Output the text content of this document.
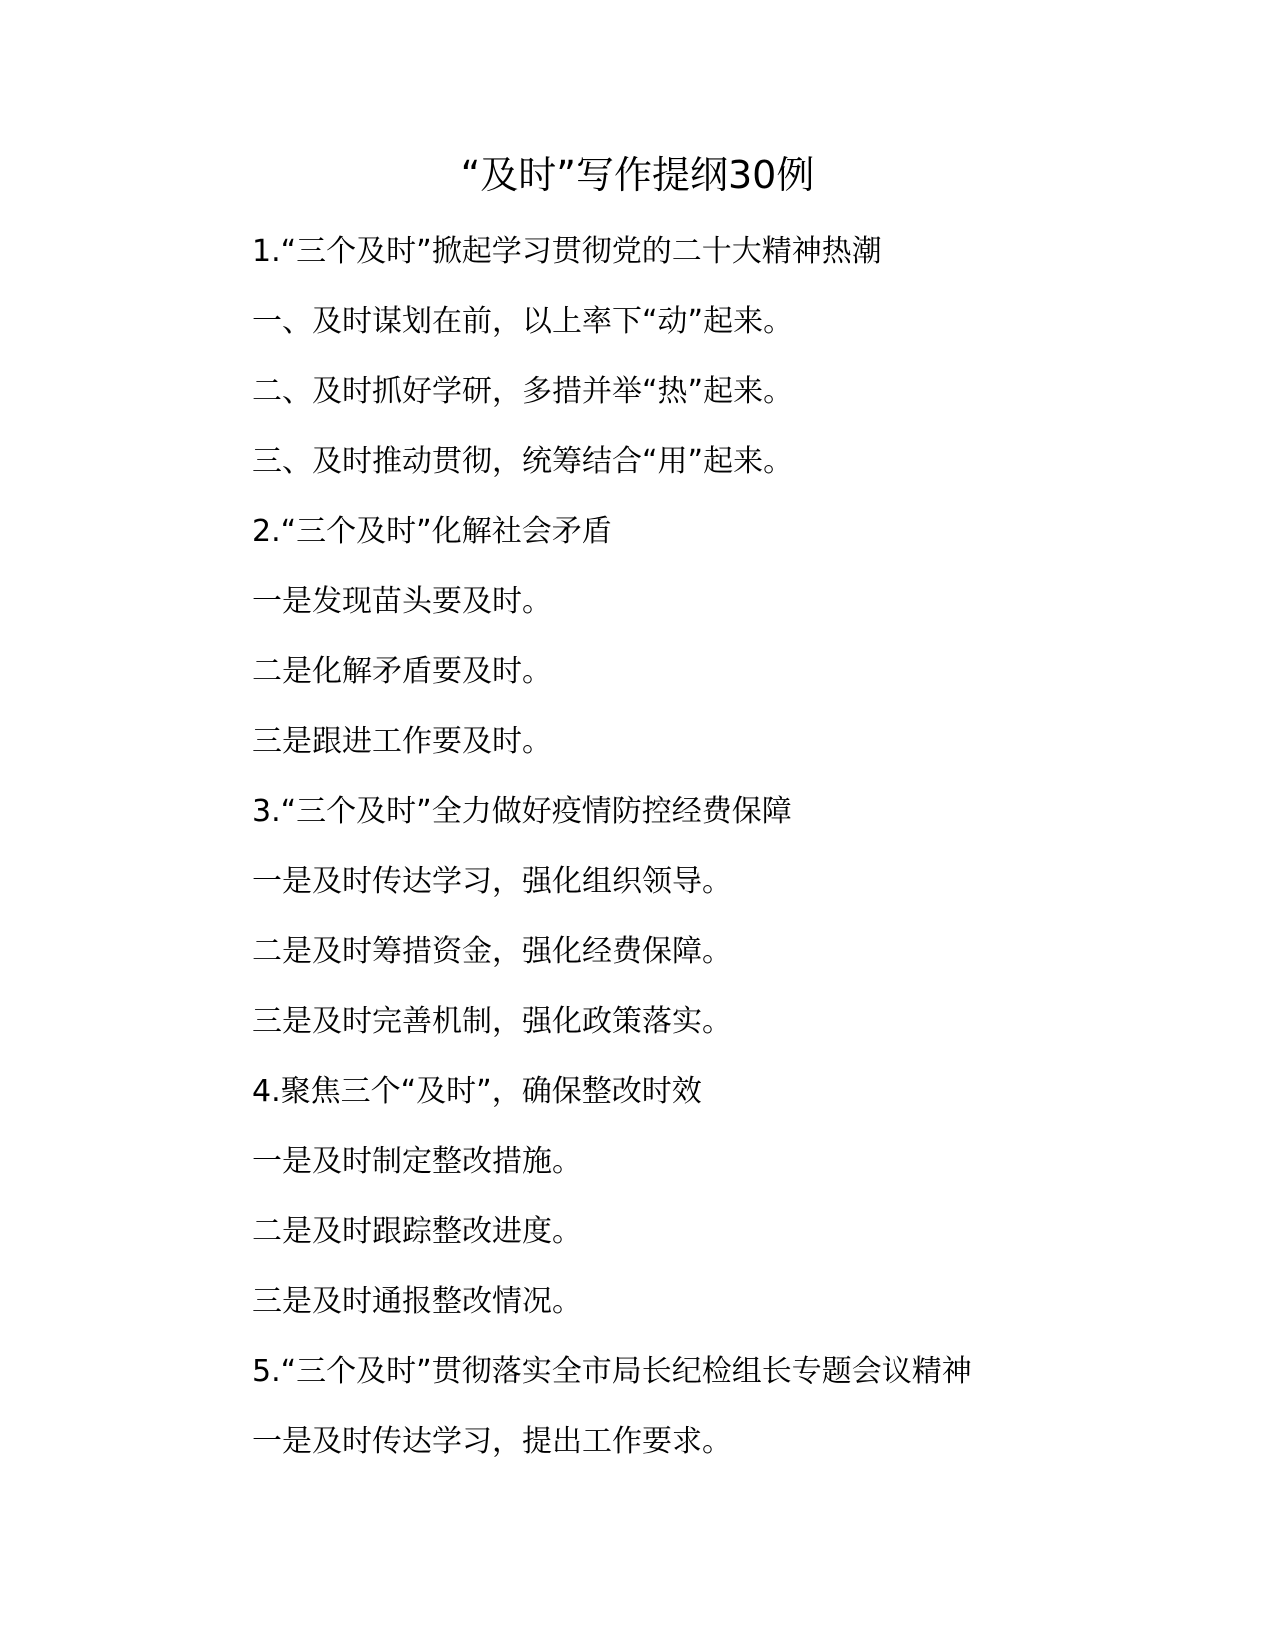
“及时”写作提纲30例
1.“三个及时”掀起学习贯彻党的二十大精神热潮
一、及时谋划在前，以上率下“动”起来。
二、及时抓好学研，多措并举“热”起来。
三、及时推动贯彻，统筹结合“用”起来。
2.“三个及时”化解社会矛盾
一是发现苗头要及时。
二是化解矛盾要及时。
三是跟进工作要及时。
3.“三个及时”全力做好疫情防控经费保障
一是及时传达学习，强化组织领导。
二是及时筹措资金，强化经费保障。
三是及时完善机制，强化政策落实。
4.聚焦三个“及时”，确保整改时效
一是及时制定整改措施。
二是及时跟踪整改进度。
三是及时通报整改情况。
5.“三个及时”贯彻落实全市局长纪检组长专题会议精神
一是及时传达学习，提出工作要求。
